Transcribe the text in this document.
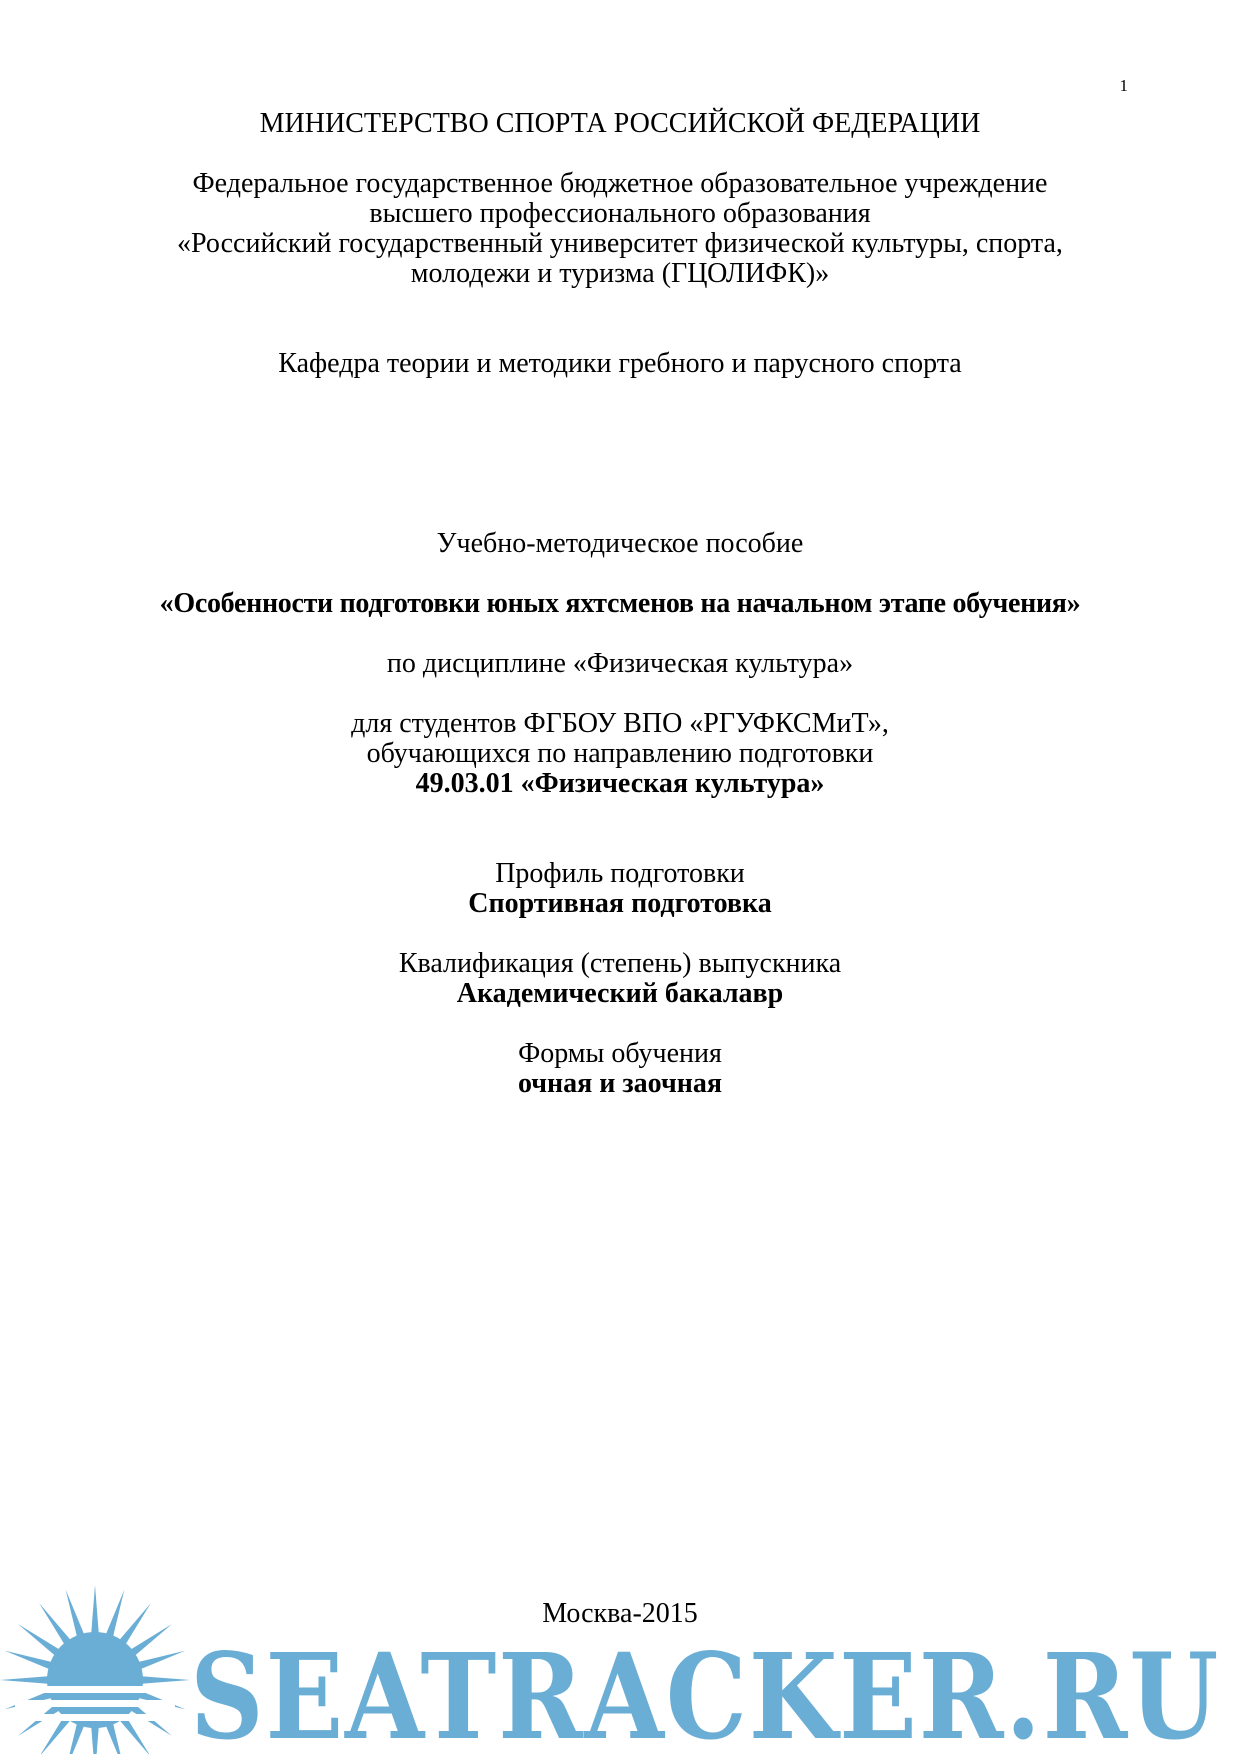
1
МИНИСТЕРСТВО СПОРТА РОССИЙСКОЙ ФЕДЕРАЦИИ
Федеральное государственное бюджетное образовательное учреждение
высшего профессионального образования
«Российский государственный университет физической культуры, спорта,
молодежи и туризма (ГЦОЛИФК)»
Кафедра теории и методики гребного и парусного спорта
Учебно-методическое пособие
«Особенности подготовки юных яхтсменов на начальном этапе обучения»
по дисциплине «Физическая культура»
для студентов ФГБОУ ВПО «РГУФКСМиТ»,
обучающихся по направлению подготовки
49.03.01 «Физическая культура»
Профиль подготовки
Спортивная подготовка
Квалификация (степень) выпускника
Академический бакалавр
Формы обучения
очная и заочная
Москва-2015
SEATRACKER.RU
